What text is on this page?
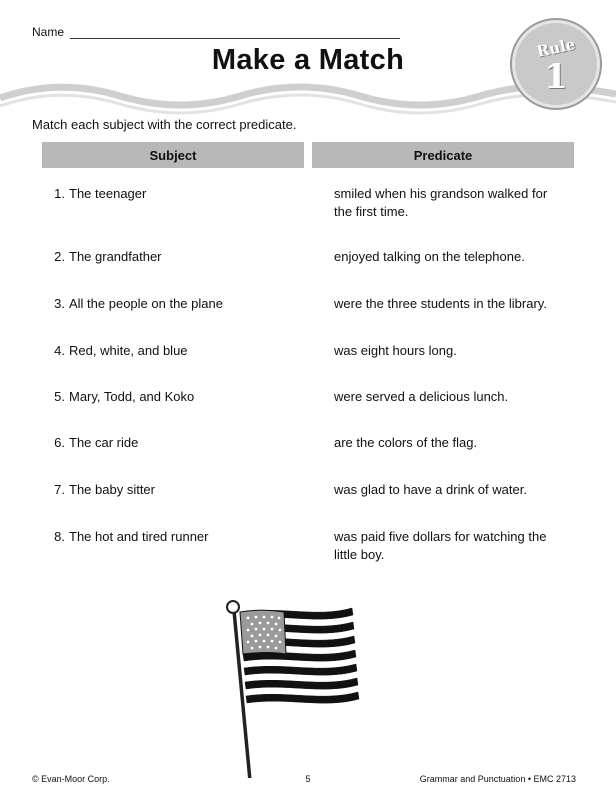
Name
Make a Match	Rule
1
Match each subject with the correct predicate.
Subject	Predicate
1. The teenager	smiled when his grandson walked for the first time.
2. The grandfather	enjoyed talking on the telephone.
3. All the people on the plane	were the three students in the library.
4. Red, white, and blue	was eight hours long.
5. Mary, Todd, and Koko	were served a delicious lunch.
6. The car ride	are the colors of the flag.
7. The baby sitter	was glad to have a drink of water.
8. The hot and tired runner	was paid five dollars for watching the little boy.
© Evan-Moor Corp.	5	Grammar and Punctuation • EMC 2713
